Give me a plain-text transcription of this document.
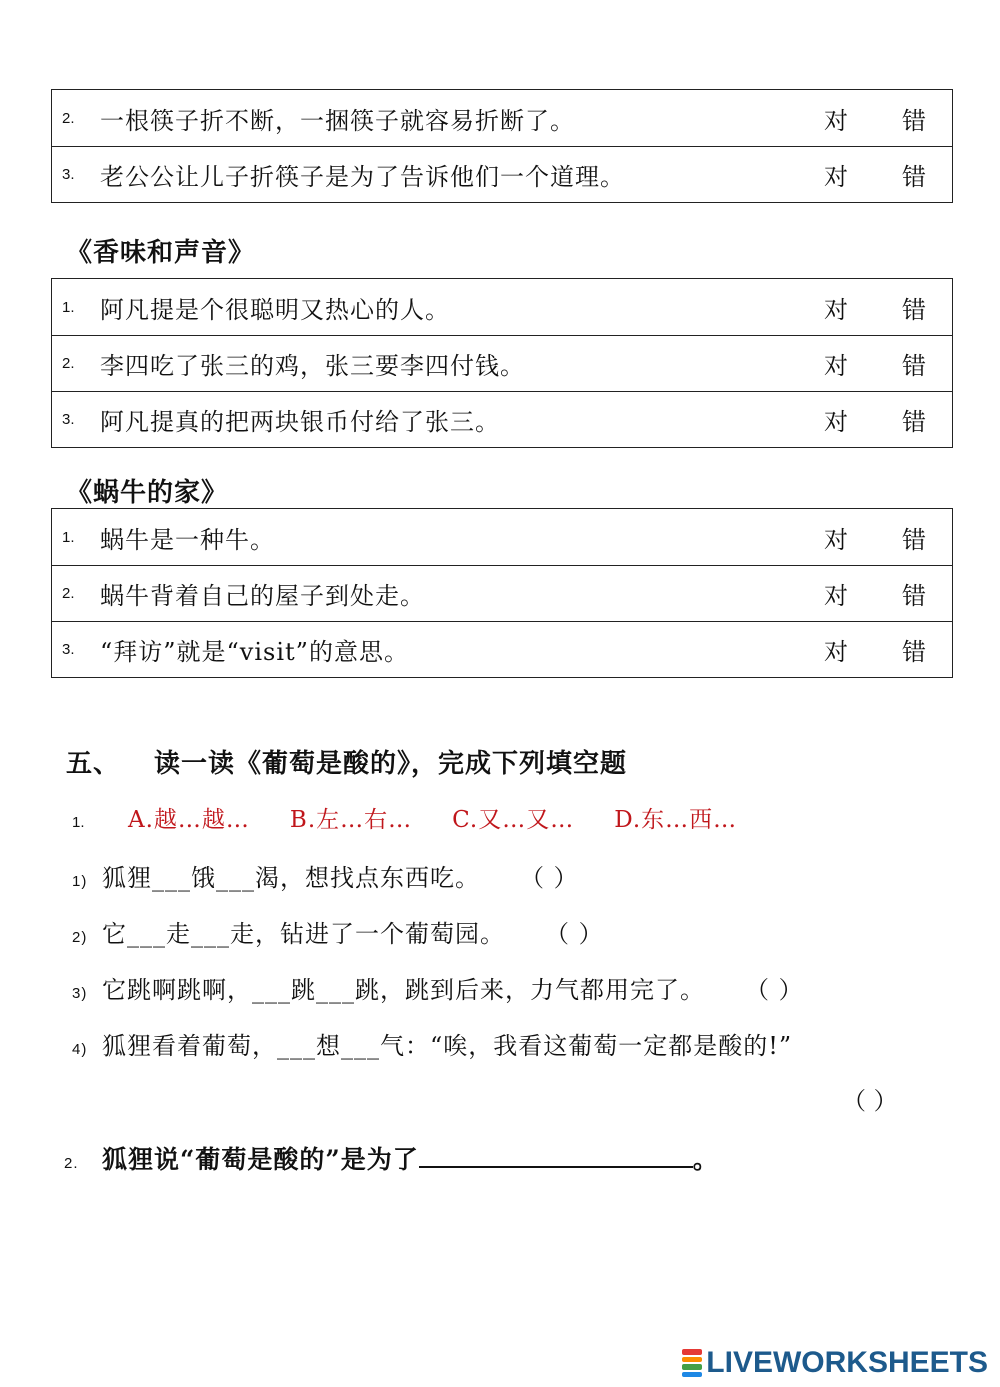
2.	一根筷子折不断，一捆筷子就容易折断了。	对	错
3.	老公公让儿子折筷子是为了告诉他们一个道理。	对	错
《香味和声音》
1.	阿凡提是个很聪明又热心的人。	对	错
2.	李四吃了张三的鸡，张三要李四付钱。	对	错
3.	阿凡提真的把两块银币付给了张三。	对	错
《蜗牛的家》
1.	蜗牛是一种牛。	对	错
2.	蜗牛背着自己的屋子到处走。	对	错
3.	“拜访”就是“visit”的意思。	对	错
五、 读一读《葡萄是酸的》，完成下列填空题
1. A.越…越… B.左…右… C.又…又… D.东…西…
1) 狐狸___饿___渴，想找点东西吃。 （ ）
2) 它___走___走，钻进了一个葡萄园。 （ ）
3) 它跳啊跳啊，___跳___跳，跳到后来，力气都用完了。 （ ）
4) 狐狸看着葡萄，___想___气：“唉，我看这葡萄一定都是酸的!”
（ ）
2. 狐狸说“葡萄是酸的”是为了	。
LIVEWORKSHEETS
